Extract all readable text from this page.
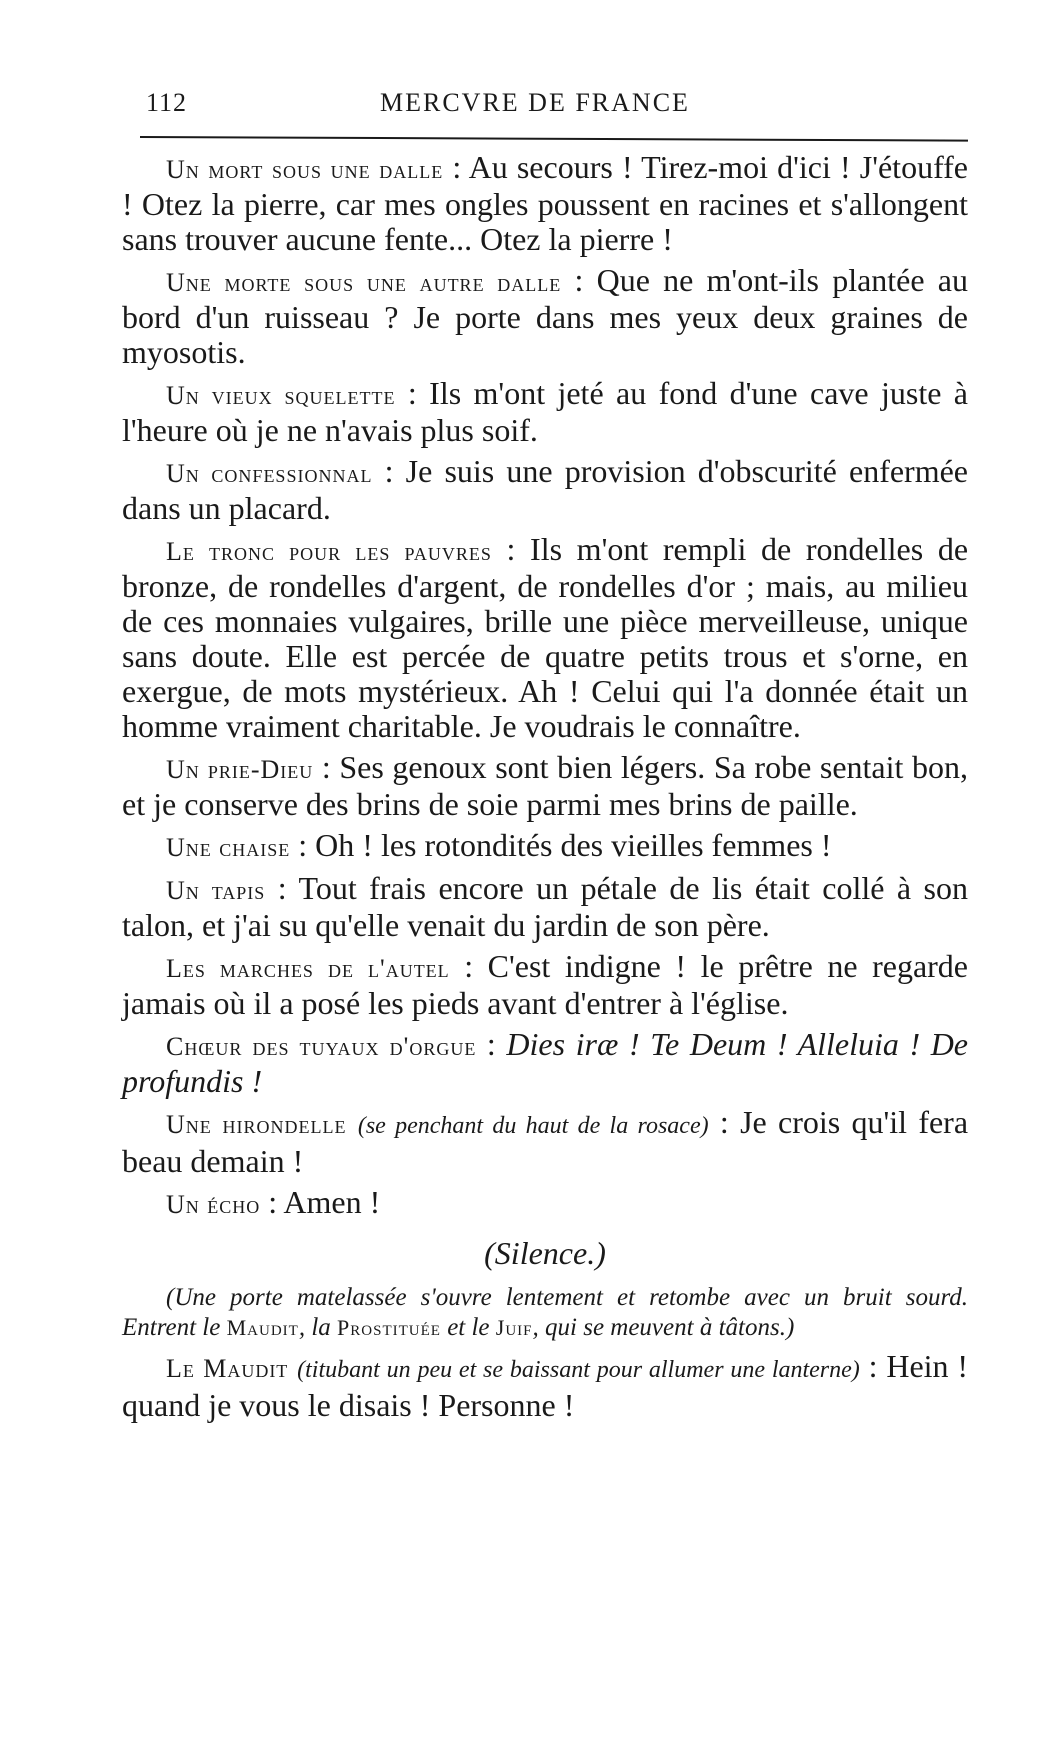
112	MERCVRE DE FRANCE

Un mort sous une dalle : Au secours ! Tirez-moi d'ici ! J'étouffe ! Otez la pierre, car mes ongles poussent en racines et s'allongent sans trouver aucune fente... Otez la pierre !

Une morte sous une autre dalle : Que ne m'ont-ils plantée au bord d'un ruisseau ? Je porte dans mes yeux deux graines de myosotis.

Un vieux squelette : Ils m'ont jeté au fond d'une cave juste à l'heure où je ne n'avais plus soif.

Un confessionnal : Je suis une provision d'obscurité enfermée dans un placard.

Le tronc pour les pauvres : Ils m'ont rempli de rondelles de bronze, de rondelles d'argent, de rondelles d'or ; mais, au milieu de ces monnaies vulgaires, brille une pièce merveilleuse, unique sans doute. Elle est percée de quatre petits trous et s'orne, en exergue, de mots mystérieux. Ah ! Celui qui l'a donnée était un homme vraiment charitable. Je voudrais le connaître.

Un prie-Dieu : Ses genoux sont bien légers. Sa robe sentait bon, et je conserve des brins de soie parmi mes brins de paille.

Une chaise : Oh ! les rotondités des vieilles femmes !

Un tapis : Tout frais encore un pétale de lis était collé à son talon, et j'ai su qu'elle venait du jardin de son père.

Les marches de l'autel : C'est indigne ! le prêtre ne regarde jamais où il a posé les pieds avant d'entrer à l'église.

Chœur des tuyaux d'orgue : Dies iræ ! Te Deum ! Alleluia ! De profundis !

Une hirondelle (se penchant du haut de la rosace) : Je crois qu'il fera beau demain !

Un écho : Amen !

(Silence.)

(Une porte matelassée s'ouvre lentement et retombe avec un bruit sourd. Entrent le Maudit, la Prostituée et le Juif, qui se meuvent à tâtons.)

Le Maudit (titubant un peu et se baissant pour allumer une lanterne) : Hein ! quand je vous le disais ! Personne !
